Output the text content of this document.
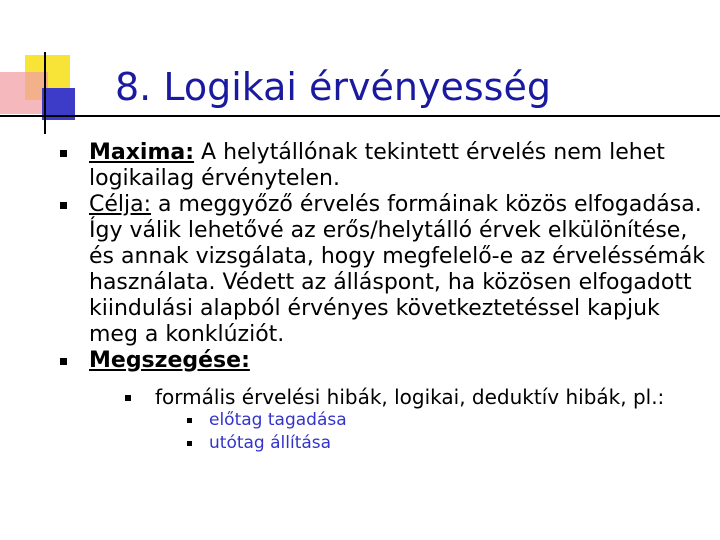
8. Logikai érvényesség
Maxima: A helytállónak tekintett érvelés nem lehet logikailag érvénytelen.
Célja: a meggyőző érvelés formáinak közös elfogadása. Így válik lehetővé az erős/helytálló érvek elkülönítése, és annak vizsgálata, hogy megfelelő-e az érveléssémák használata. Védett az álláspont, ha közösen elfogadott kiindulási alapból érvényes következtetéssel kapjuk meg a konklúziót.
Megszegése:
formális érvelési hibák, logikai, deduktív hibák, pl.:
előtag tagadása
utótag állítása
